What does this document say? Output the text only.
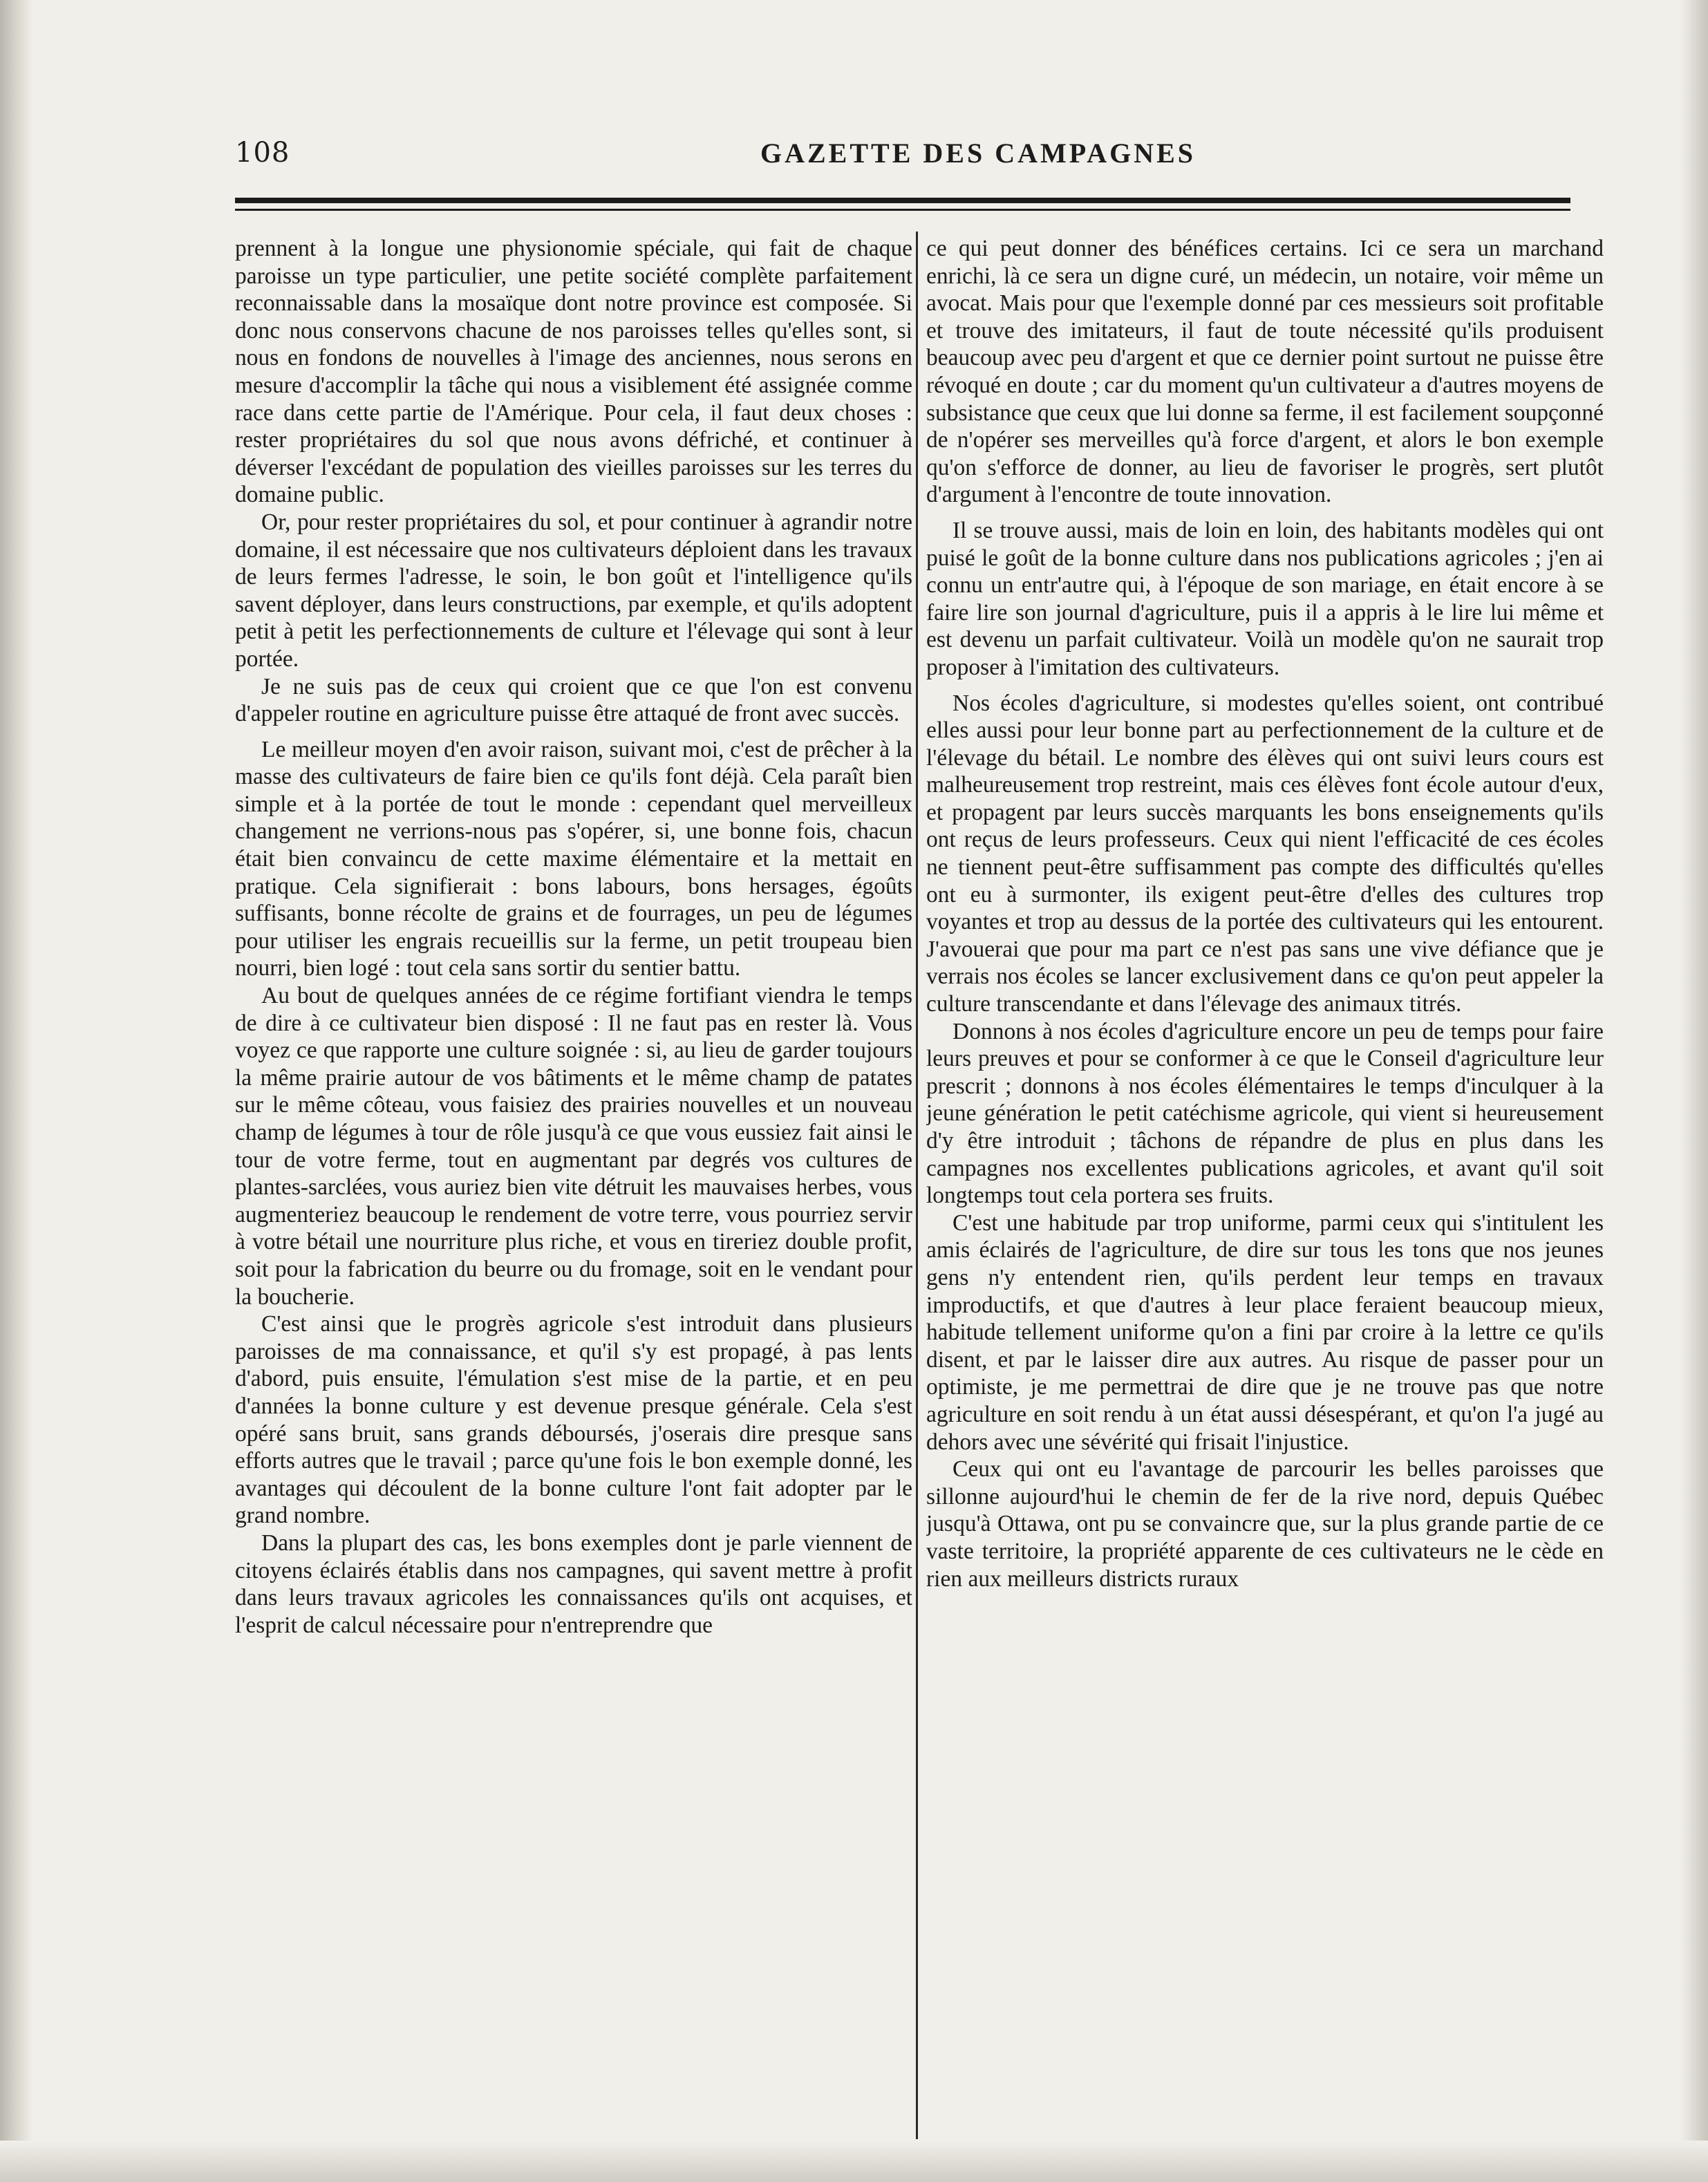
108	GAZETTE DES CAMPAGNES

prennent à la longue une physionomie spéciale, qui fait de chaque paroisse un type particulier, une petite société complète parfaitement reconnaissable dans la mosaïque dont notre province est composée. Si donc nous conservons chacune de nos paroisses telles qu'elles sont, si nous en fondons de nouvelles à l'image des anciennes, nous serons en mesure d'accomplir la tâche qui nous a visiblement été assignée comme race dans cette partie de l'Amérique. Pour cela, il faut deux choses : rester propriétaires du sol que nous avons défriché, et continuer à déverser l'excédant de population des vieilles paroisses sur les terres du domaine public.

Or, pour rester propriétaires du sol, et pour continuer à agrandir notre domaine, il est nécessaire que nos cultivateurs déploient dans les travaux de leurs fermes l'adresse, le soin, le bon goût et l'intelligence qu'ils savent déployer, dans leurs constructions, par exemple, et qu'ils adoptent petit à petit les perfectionnements de culture et l'élevage qui sont à leur portée.

Je ne suis pas de ceux qui croient que ce que l'on est convenu d'appeler routine en agriculture puisse être attaqué de front avec succès.

Le meilleur moyen d'en avoir raison, suivant moi, c'est de prêcher à la masse des cultivateurs de faire bien ce qu'ils font déjà. Cela paraît bien simple et à la portée de tout le monde : cependant quel merveilleux changement ne verrions-nous pas s'opérer, si, une bonne fois, chacun était bien convaincu de cette maxime élémentaire et la mettait en pratique. Cela signifierait : bons labours, bons hersages, égoûts suffisants, bonne récolte de grains et de fourrages, un peu de légumes pour utiliser les engrais recueillis sur la ferme, un petit troupeau bien nourri, bien logé : tout cela sans sortir du sentier battu.

Au bout de quelques années de ce régime fortifiant viendra le temps de dire à ce cultivateur bien disposé : Il ne faut pas en rester là. Vous voyez ce que rapporte une culture soignée : si, au lieu de garder toujours la même prairie autour de vos bâtiments et le même champ de patates sur le même côteau, vous faisiez des prairies nouvelles et un nouveau champ de légumes à tour de rôle jusqu'à ce que vous eussiez fait ainsi le tour de votre ferme, tout en augmentant par degrés vos cultures de plantes-sarclées, vous auriez bien vite détruit les mauvaises herbes, vous augmenteriez beaucoup le rendement de votre terre, vous pourriez servir à votre bétail une nourriture plus riche, et vous en tireriez double profit, soit pour la fabrication du beurre ou du fromage, soit en le vendant pour la boucherie.

C'est ainsi que le progrès agricole s'est introduit dans plusieurs paroisses de ma connaissance, et qu'il s'y est propagé, à pas lents d'abord, puis ensuite, l'émulation s'est mise de la partie, et en peu d'années la bonne culture y est devenue presque générale. Cela s'est opéré sans bruit, sans grands déboursés, j'oserais dire presque sans efforts autres que le travail ; parce qu'une fois le bon exemple donné, les avantages qui découlent de la bonne culture l'ont fait adopter par le grand nombre.

Dans la plupart des cas, les bons exemples dont je parle viennent de citoyens éclairés établis dans nos campagnes, qui savent mettre à profit dans leurs travaux agricoles les connaissances qu'ils ont acquises, et l'esprit de calcul nécessaire pour n'entreprendre que

ce qui peut donner des bénéfices certains. Ici ce sera un marchand enrichi, là ce sera un digne curé, un médecin, un notaire, voir même un avocat. Mais pour que l'exemple donné par ces messieurs soit profitable et trouve des imitateurs, il faut de toute nécessité qu'ils produisent beaucoup avec peu d'argent et que ce dernier point surtout ne puisse être révoqué en doute ; car du moment qu'un cultivateur a d'autres moyens de subsistance que ceux que lui donne sa ferme, il est facilement soupçonné de n'opérer ses merveilles qu'à force d'argent, et alors le bon exemple qu'on s'efforce de donner, au lieu de favoriser le progrès, sert plutôt d'argument à l'encontre de toute innovation.

Il se trouve aussi, mais de loin en loin, des habitants modèles qui ont puisé le goût de la bonne culture dans nos publications agricoles ; j'en ai connu un entr'autre qui, à l'époque de son mariage, en était encore à se faire lire son journal d'agriculture, puis il a appris à le lire lui même et est devenu un parfait cultivateur. Voilà un modèle qu'on ne saurait trop proposer à l'imitation des cultivateurs.

Nos écoles d'agriculture, si modestes qu'elles soient, ont contribué elles aussi pour leur bonne part au perfectionnement de la culture et de l'élevage du bétail. Le nombre des élèves qui ont suivi leurs cours est malheureusement trop restreint, mais ces élèves font école autour d'eux, et propagent par leurs succès marquants les bons enseignements qu'ils ont reçus de leurs professeurs. Ceux qui nient l'efficacité de ces écoles ne tiennent peut-être suffisamment pas compte des difficultés qu'elles ont eu à surmonter, ils exigent peut-être d'elles des cultures trop voyantes et trop au dessus de la portée des cultivateurs qui les entourent. J'avouerai que pour ma part ce n'est pas sans une vive défiance que je verrais nos écoles se lancer exclusivement dans ce qu'on peut appeler la culture transcendante et dans l'élevage des animaux titrés.

Donnons à nos écoles d'agriculture encore un peu de temps pour faire leurs preuves et pour se conformer à ce que le Conseil d'agriculture leur prescrit ; donnons à nos écoles élémentaires le temps d'inculquer à la jeune génération le petit catéchisme agricole, qui vient si heureusement d'y être introduit ; tâchons de répandre de plus en plus dans les campagnes nos excellentes publications agricoles, et avant qu'il soit longtemps tout cela portera ses fruits.

C'est une habitude par trop uniforme, parmi ceux qui s'intitulent les amis éclairés de l'agriculture, de dire sur tous les tons que nos jeunes gens n'y entendent rien, qu'ils perdent leur temps en travaux improductifs, et que d'autres à leur place feraient beaucoup mieux, habitude tellement uniforme qu'on a fini par croire à la lettre ce qu'ils disent, et par le laisser dire aux autres. Au risque de passer pour un optimiste, je me permettrai de dire que je ne trouve pas que notre agriculture en soit rendu à un état aussi désespérant, et qu'on l'a jugé au dehors avec une sévérité qui frisait l'injustice.

Ceux qui ont eu l'avantage de parcourir les belles paroisses que sillonne aujourd'hui le chemin de fer de la rive nord, depuis Québec jusqu'à Ottawa, ont pu se convaincre que, sur la plus grande partie de ce vaste territoire, la propriété apparente de ces cultivateurs ne le cède en rien aux meilleurs districts ruraux
